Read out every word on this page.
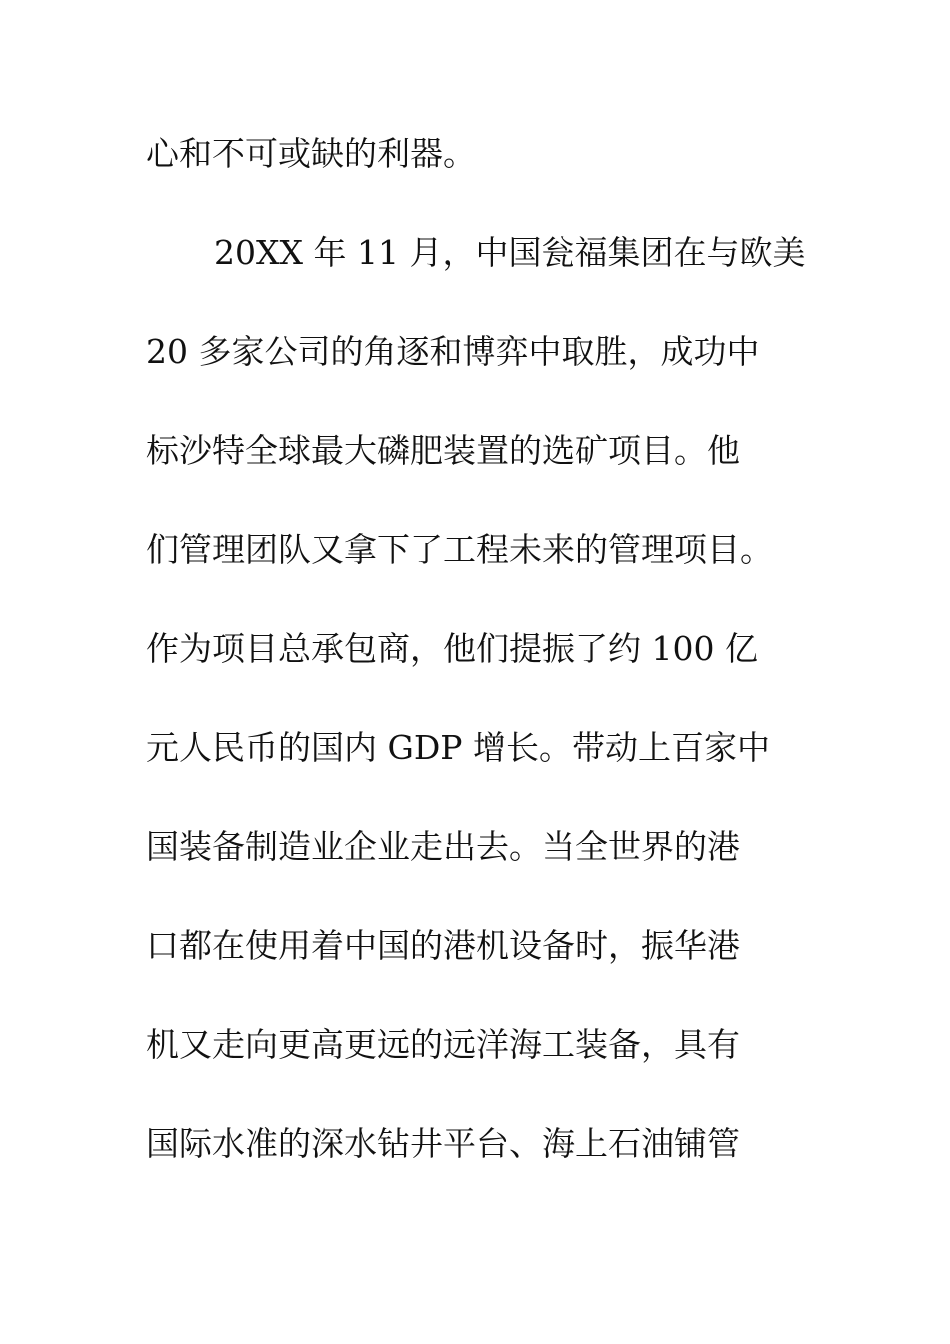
心和不可或缺的利器。
20XX 年 11 月，中国瓮福集团在与欧美
20 多家公司的角逐和博弈中取胜，成功中
标沙特全球最大磷肥装置的选矿项目。他
们管理团队又拿下了工程未来的管理项目。
作为项目总承包商，他们提振了约 100 亿
元人民币的国内 GDP 增长。带动上百家中
国装备制造业企业走出去。当全世界的港
口都在使用着中国的港机设备时，振华港
机又走向更高更远的远洋海工装备，具有
国际水准的深水钻井平台、海上石油铺管
